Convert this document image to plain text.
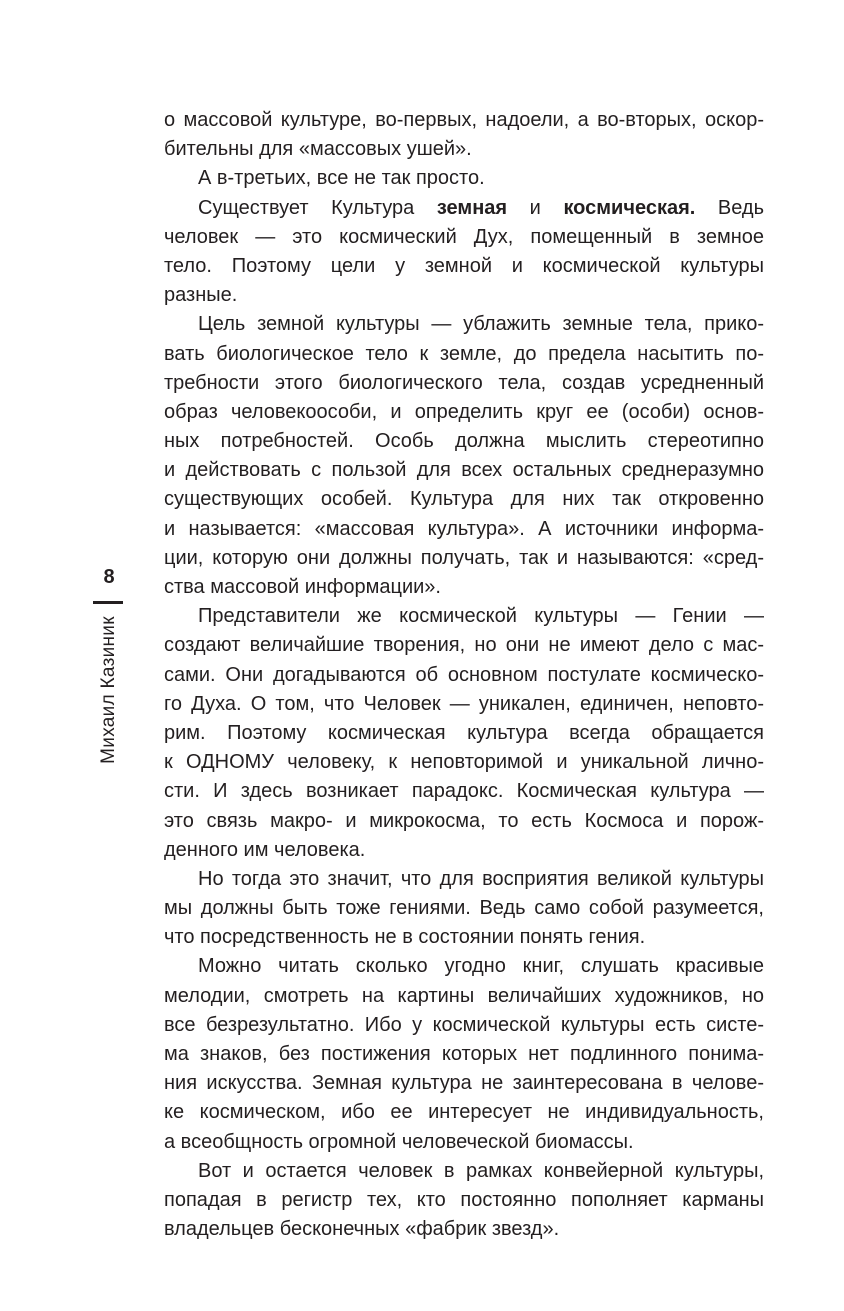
8
Михаил Казиник
о массовой культуре, во-первых, надоели, а во-вторых, оскор-
бительны для «массовых ушей».
А в-третьих, все не так просто.
Существует Культура земная и космическая. Ведь
человек — это космический Дух, помещенный в земное
тело. Поэтому цели у земной и космической культуры
разные.
Цель земной культуры — ублажить земные тела, прико-
вать биологическое тело к земле, до предела насытить по-
требности этого биологического тела, создав усредненный
образ человекоособи, и определить круг ее (особи) основ-
ных потребностей. Особь должна мыслить стереотипно
и действовать с пользой для всех остальных среднеразумно
существующих особей. Культура для них так откровенно
и называется: «массовая культура». А источники информа-
ции, которую они должны получать, так и называются: «сред-
ства массовой информации».
Представители же космической культуры — Гении —
создают величайшие творения, но они не имеют дело с мас-
сами. Они догадываются об основном постулате космическо-
го Духа. О том, что Человек — уникален, единичен, неповто-
рим. Поэтому космическая культура всегда обращается
к ОДНОМУ человеку, к неповторимой и уникальной лично-
сти. И здесь возникает парадокс. Космическая культура —
это связь макро- и микрокосма, то есть Космоса и порож-
денного им человека.
Но тогда это значит, что для восприятия великой культуры
мы должны быть тоже гениями. Ведь само собой разумеется,
что посредственность не в состоянии понять гения.
Можно читать сколько угодно книг, слушать красивые
мелодии, смотреть на картины величайших художников, но
все безрезультатно. Ибо у космической культуры есть систе-
ма знаков, без постижения которых нет подлинного понима-
ния искусства. Земная культура не заинтересована в челове-
ке космическом, ибо ее интересует не индивидуальность,
а всеобщность огромной человеческой биомассы.
Вот и остается человек в рамках конвейерной культуры,
попадая в регистр тех, кто постоянно пополняет карманы
владельцев бесконечных «фабрик звезд».
